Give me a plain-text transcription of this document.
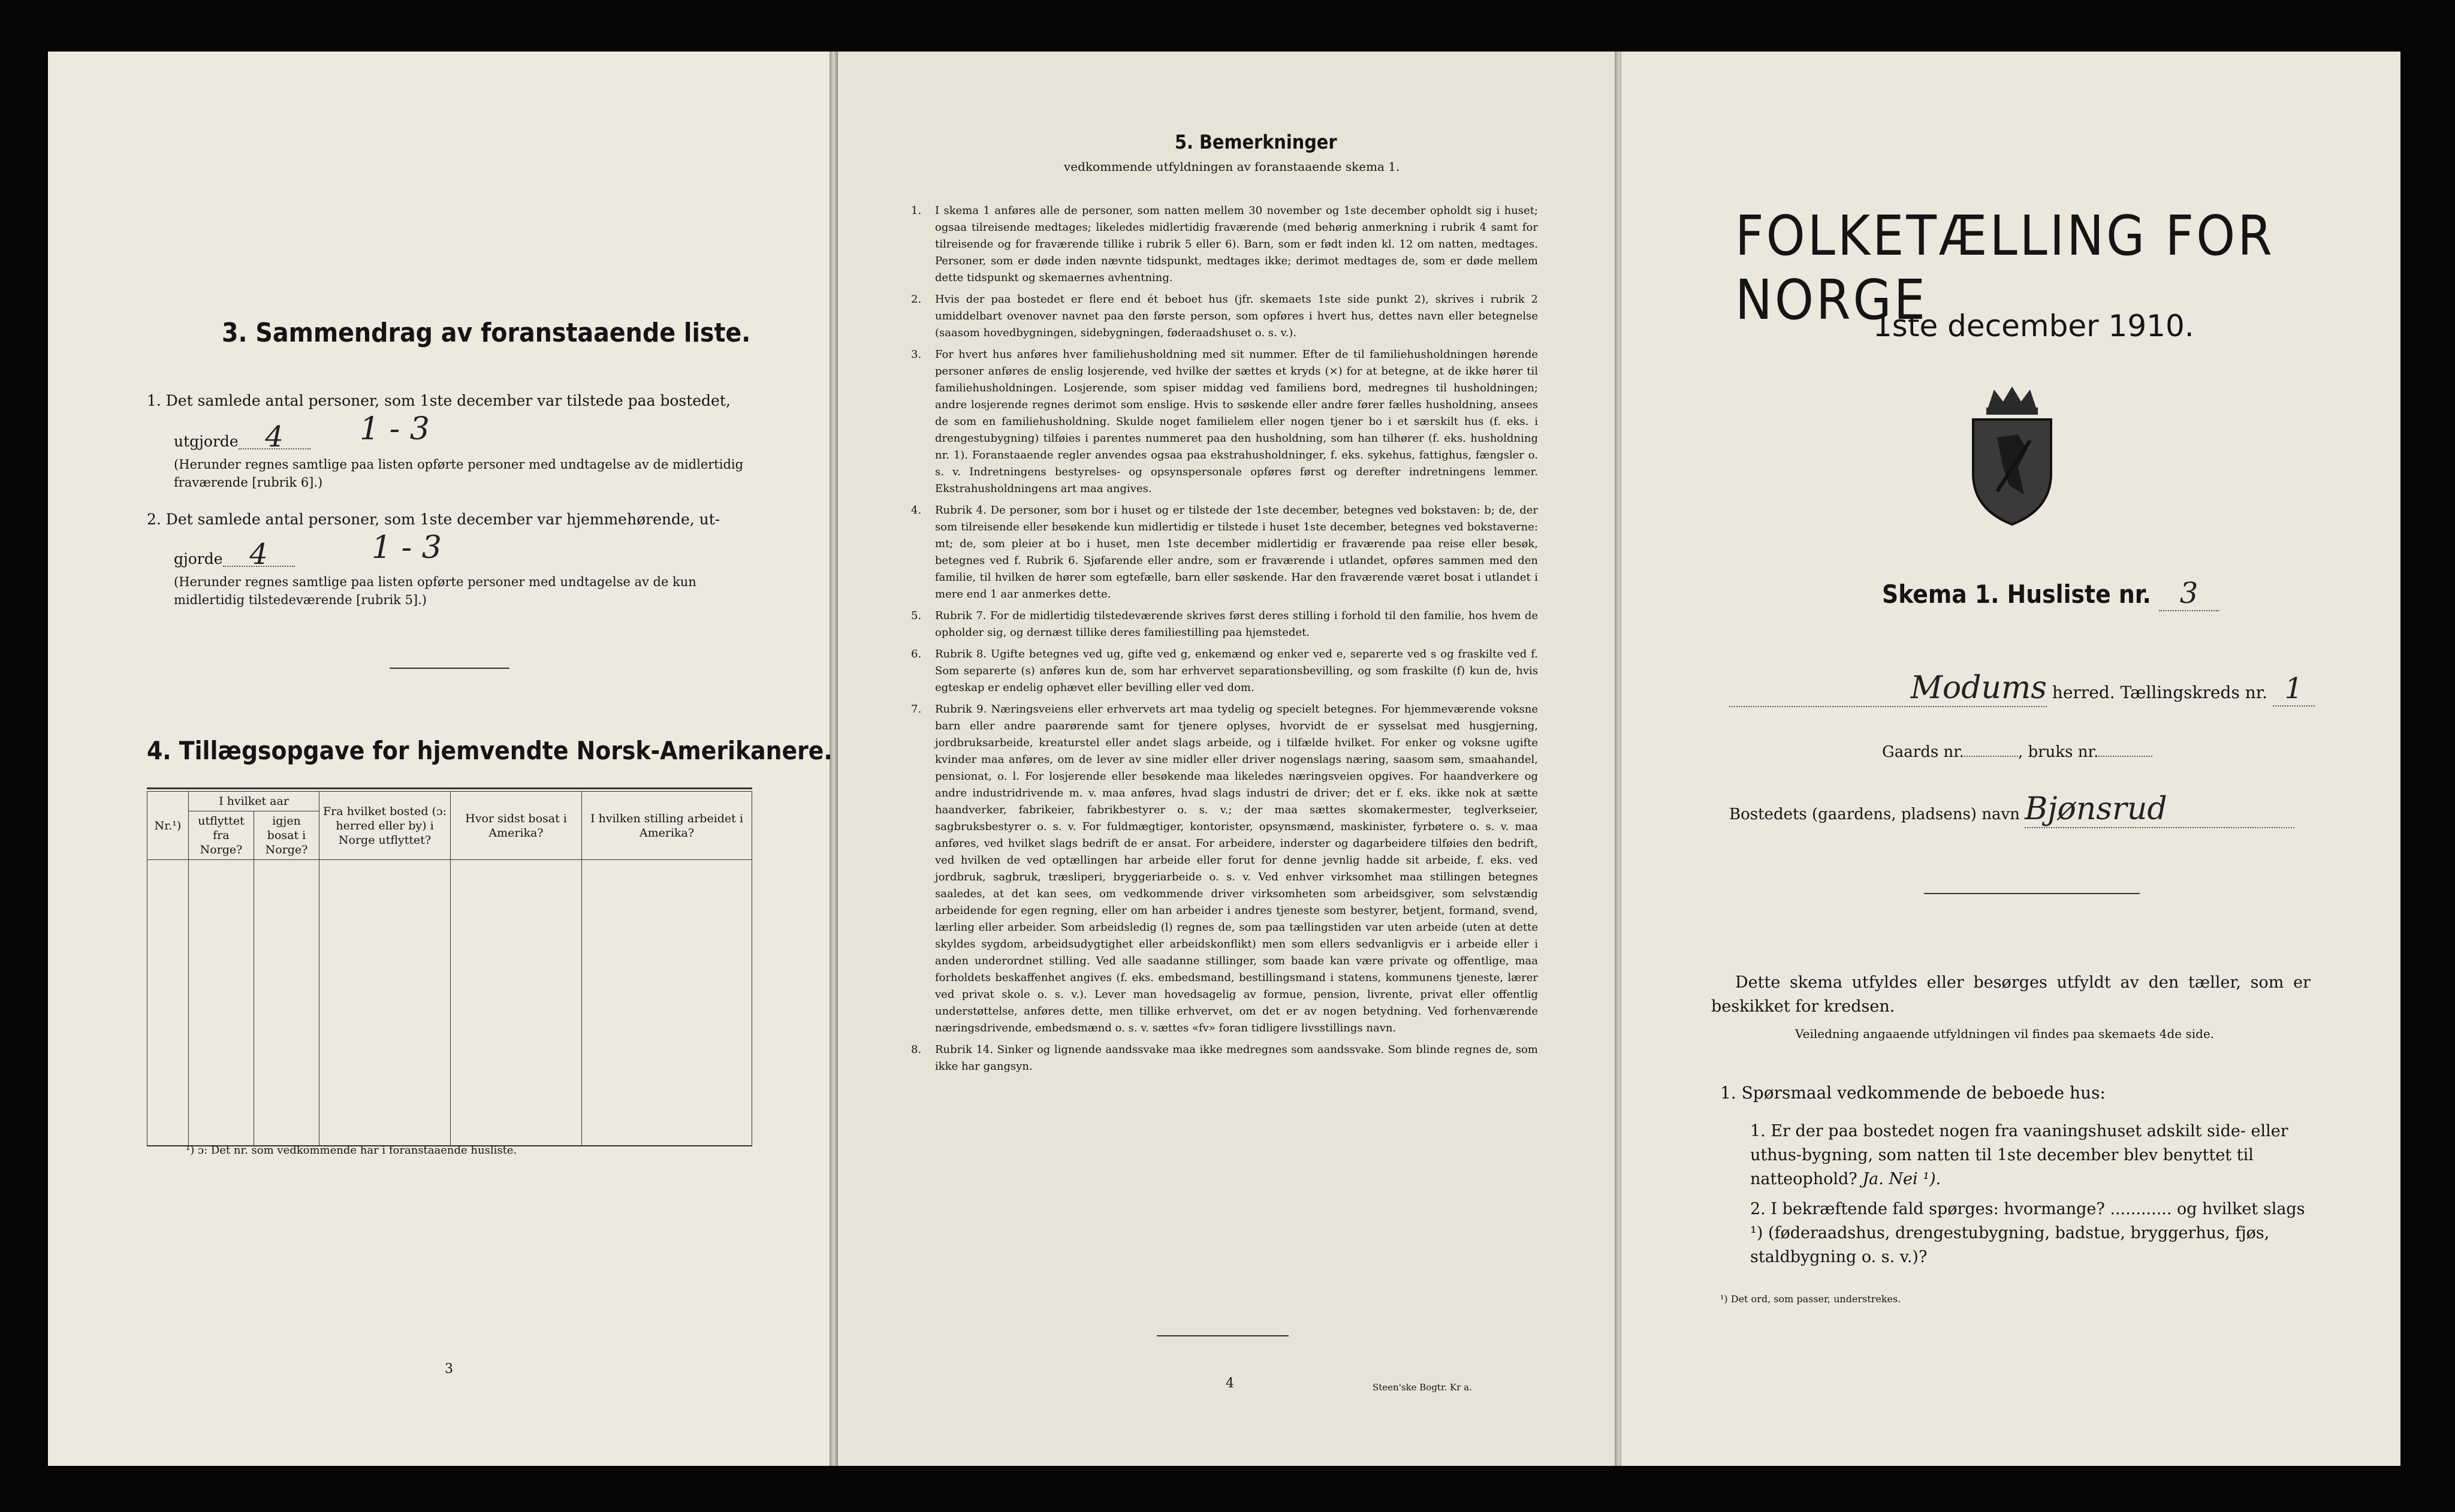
3. Sammendrag av foranstaaende liste.
1. Det samlede antal personer, som 1ste december var tilstede paa bostedet,
utgjorde 4	1 - 3
(Herunder regnes samtlige paa listen opførte personer med undtagelse av de midlertidig fraværende [rubrik 6].)
2. Det samlede antal personer, som 1ste december var hjemmehørende, ut-
gjorde 4	1 - 3
(Herunder regnes samtlige paa listen opførte personer med undtagelse av de kun midlertidig tilstedeværende [rubrik 5].)
4. Tillægsopgave for hjemvendte Norsk-Amerikanere.
Nr.¹)	I hvilket aar		Fra hvilket bosted (ɔ: herred eller by) i Norge utflyttet?	Hvor sidst bosat i Amerika?	I hvilken stilling arbeidet i Amerika?
	utflyttet fra Norge?	igjen bosat i Norge?			

¹) ɔ: Det nr. som vedkommende har i foranstaaende husliste.
3
5. Bemerkninger
vedkommende utfyldningen av foranstaaende skema 1.
1. I skema 1 anføres alle de personer, som natten mellem 30 november og 1ste december opholdt sig i huset; ogsaa tilreisende medtages; likeledes midlertidig fraværende (med behørig anmerkning i rubrik 4 samt for tilreisende og for fraværende tillike i rubrik 5 eller 6). Barn, som er født inden kl. 12 om natten, medtages. Personer, som er døde inden nævnte tidspunkt, medtages ikke; derimot medtages de, som er døde mellem dette tidspunkt og skemaernes avhentning.
2. Hvis der paa bostedet er flere end ét beboet hus (jfr. skemaets 1ste side punkt 2), skrives i rubrik 2 umiddelbart ovenover navnet paa den første person, som opføres i hvert hus, dettes navn eller betegnelse (saasom hovedbygningen, sidebygningen, føderaadshuset o. s. v.).
3. For hvert hus anføres hver familiehusholdning med sit nummer. Efter de til familiehusholdningen hørende personer anføres de enslig losjerende, ved hvilke der sættes et kryds (×) for at betegne, at de ikke hører til familiehusholdningen. Losjerende, som spiser middag ved familiens bord, medregnes til husholdningen; andre losjerende regnes derimot som enslige. Hvis to søskende eller andre fører fælles husholdning, ansees de som en familiehusholdning. Skulde noget familielem eller nogen tjener bo i et særskilt hus (f. eks. i drengestubygning) tilføies i parentes nummeret paa den husholdning, som han tilhører (f. eks. husholdning nr. 1). Foranstaaende regler anvendes ogsaa paa ekstrahusholdninger, f. eks. sykehus, fattighus, fængsler o. s. v. Indretningens bestyrelses- og opsynspersonale opføres først og derefter indretningens lemmer. Ekstrahusholdningens art maa angives.
4. Rubrik 4. De personer, som bor i huset og er tilstede der 1ste december, betegnes ved bokstaven: b; de, der som tilreisende eller besøkende kun midlertidig er tilstede i huset 1ste december, betegnes ved bokstaverne: mt; de, som pleier at bo i huset, men 1ste december midlertidig er fraværende paa reise eller besøk, betegnes ved f. Rubrik 6. Sjøfarende eller andre, som er fraværende i utlandet, opføres sammen med den familie, til hvilken de hører som egtefælle, barn eller søskende. Har den fraværende været bosat i utlandet i mere end 1 aar anmerkes dette.
5. Rubrik 7. For de midlertidig tilstedeværende skrives først deres stilling i forhold til den familie, hos hvem de opholder sig, og dernæst tillike deres familiestilling paa hjemstedet.
6. Rubrik 8. Ugifte betegnes ved ug, gifte ved g, enkemænd og enker ved e, separerte ved s og fraskilte ved f. Som separerte (s) anføres kun de, som har erhvervet separationsbevilling, og som fraskilte (f) kun de, hvis egteskap er endelig ophævet eller bevilling eller ved dom.
7. Rubrik 9. Næringsveiens eller erhvervets art maa tydelig og specielt betegnes. For hjemmeværende voksne barn eller andre paarørende samt for tjenere oplyses, hvorvidt de er sysselsat med husgjerning, jordbruksarbeide, kreaturstel eller andet slags arbeide, og i tilfælde hvilket. For enker og voksne ugifte kvinder maa anføres, om de lever av sine midler eller driver nogenslags næring, saasom søm, smaahandel, pensionat, o. l. For losjerende eller besøkende maa likeledes næringsveien opgives. For haandverkere og andre industridrivende m. v. maa anføres, hvad slags industri de driver; det er f. eks. ikke nok at sætte haandverker, fabrikeier, fabrikbestyrer o. s. v.; der maa sættes skomakermester, teglverkseier, sagbruksbestyrer o. s. v. For fuldmægtiger, kontorister, opsynsmænd, maskinister, fyrbøtere o. s. v. maa anføres, ved hvilket slags bedrift de er ansat. For arbeidere, inderster og dagarbeidere tilføies den bedrift, ved hvilken de ved optællingen har arbeide eller forut for denne jevnlig hadde sit arbeide, f. eks. ved jordbruk, sagbruk, træsliperi, bryggeriarbeide o. s. v. Ved enhver virksomhet maa stillingen betegnes saaledes, at det kan sees, om vedkommende driver virksomheten som arbeidsgiver, som selvstændig arbeidende for egen regning, eller om han arbeider i andres tjeneste som bestyrer, betjent, formand, svend, lærling eller arbeider. Som arbeidsledig (l) regnes de, som paa tællingstiden var uten arbeide (uten at dette skyldes sygdom, arbeidsudygtighet eller arbeidskonflikt) men som ellers sedvanligvis er i arbeide eller i anden underordnet stilling. Ved alle saadanne stillinger, som baade kan være private og offentlige, maa forholdets beskaffenhet angives (f. eks. embedsmand, bestillingsmand i statens, kommunens tjeneste, lærer ved privat skole o. s. v.). Lever man hovedsagelig av formue, pension, livrente, privat eller offentlig understøttelse, anføres dette, men tillike erhvervet, om det er av nogen betydning. Ved forhenværende næringsdrivende, embedsmænd o. s. v. sættes «fv» foran tidligere livsstillings navn.
8. Rubrik 14. Sinker og lignende aandssvake maa ikke medregnes som aandssvake. Som blinde regnes de, som ikke har gangsyn.
4	Steen'ske Bogtr. Kr a.
FOLKETÆLLING FOR NORGE
1ste december 1910.
Skema 1. Husliste nr. 3
Modums herred. Tællingskreds nr. 1
Gaards nr.	, bruks nr.
Bostedets (gaardens, pladsens) navn Bjønsrud
Dette skema utfyldes eller besørges utfyldt av den tæller, som er beskikket for kredsen.
Veiledning angaaende utfyldningen vil findes paa skemaets 4de side.
1. Spørsmaal vedkommende de beboede hus:
1. Er der paa bostedet nogen fra vaaningshuset adskilt side- eller uthus-bygning, som natten til 1ste december blev benyttet til natteophold? Ja. Nei ¹).
2. I bekræftende fald spørges: hvormange? ............ og hvilket slags ¹) (føderaadshus, drengestubygning, badstue, bryggerhus, fjøs, staldbygning o. s. v.)?
¹) Det ord, som passer, understrekes.
